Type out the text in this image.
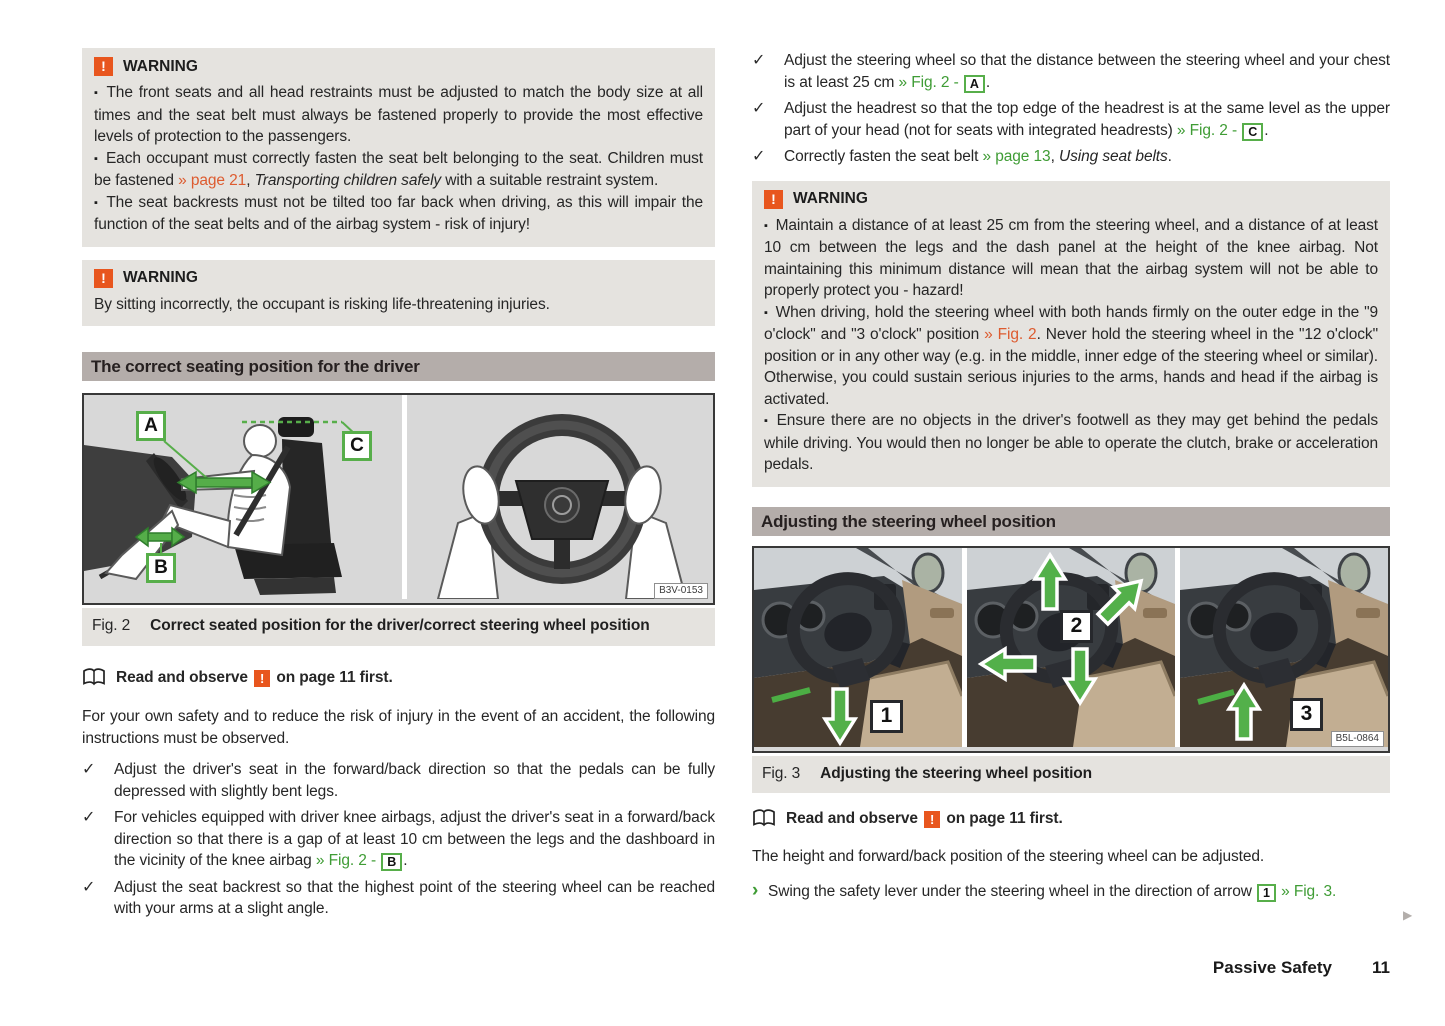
!	WARNING

▪ The front seats and all head restraints must be adjusted to match the body size at all times and the seat belt must always be fastened properly to provide the most effective levels of protection to the passengers.

▪ Each occupant must correctly fasten the seat belt belonging to the seat. Children must be fastened » page 21, Transporting children safely with a suitable restraint system.

▪ The seat backrests must not be tilted too far back when driving, as this will impair the function of the seat belts and of the airbag system - risk of injury!

!	WARNING

By sitting incorrectly, the occupant is risking life-threatening injuries.

The correct seating position for the driver
A
B
C
B3V-0153

Fig. 2 Correct seated position for the driver/correct steering wheel position

Read and observe ! on page 11 first.

For your own safety and to reduce the risk of injury in the event of an accident, the following instructions must be observed.

✓ Adjust the driver's seat in the forward/back direction so that the pedals can be fully depressed with slightly bent legs.

✓ For vehicles equipped with driver knee airbags, adjust the driver's seat in a forward/back direction so that there is a gap of at least 10 cm between the legs and the dashboard in the vicinity of the knee airbag » Fig. 2 - B .

✓ Adjust the seat backrest so that the highest point of the steering wheel can be reached with your arms at a slight angle.

✓ Adjust the steering wheel so that the distance between the steering wheel and your chest is at least 25 cm » Fig. 2 - A .

✓ Adjust the headrest so that the top edge of the headrest is at the same level as the upper part of your head (not for seats with integrated headrests) » Fig. 2 - C .

✓ Correctly fasten the seat belt » page 13, Using seat belts.

!	WARNING

▪ Maintain a distance of at least 25 cm from the steering wheel, and a distance of at least 10 cm between the legs and the dash panel at the height of the knee airbag. Not maintaining this minimum distance will mean that the airbag system will not be able to properly protect you - hazard!

▪ When driving, hold the steering wheel with both hands firmly on the outer edge in the "9 o'clock" and "3 o'clock" position » Fig. 2. Never hold the steering wheel in the "12 o'clock" position or in any other way (e.g. in the middle, inner edge of the steering wheel or similar). Otherwise, you could sustain serious injuries to the arms, hands and head if the airbag is activated.

▪ Ensure there are no objects in the driver's footwell as they may get behind the pedals while driving. You would then no longer be able to operate the clutch, brake or acceleration pedals.

Adjusting the steering wheel position
1
2
3
B5L-0864

Fig. 3 Adjusting the steering wheel position

Read and observe ! on page 11 first.

The height and forward/back position of the steering wheel can be adjusted.

› Swing the safety lever under the steering wheel in the direction of arrow 1 » Fig. 3.

▶
Passive Safety 11
